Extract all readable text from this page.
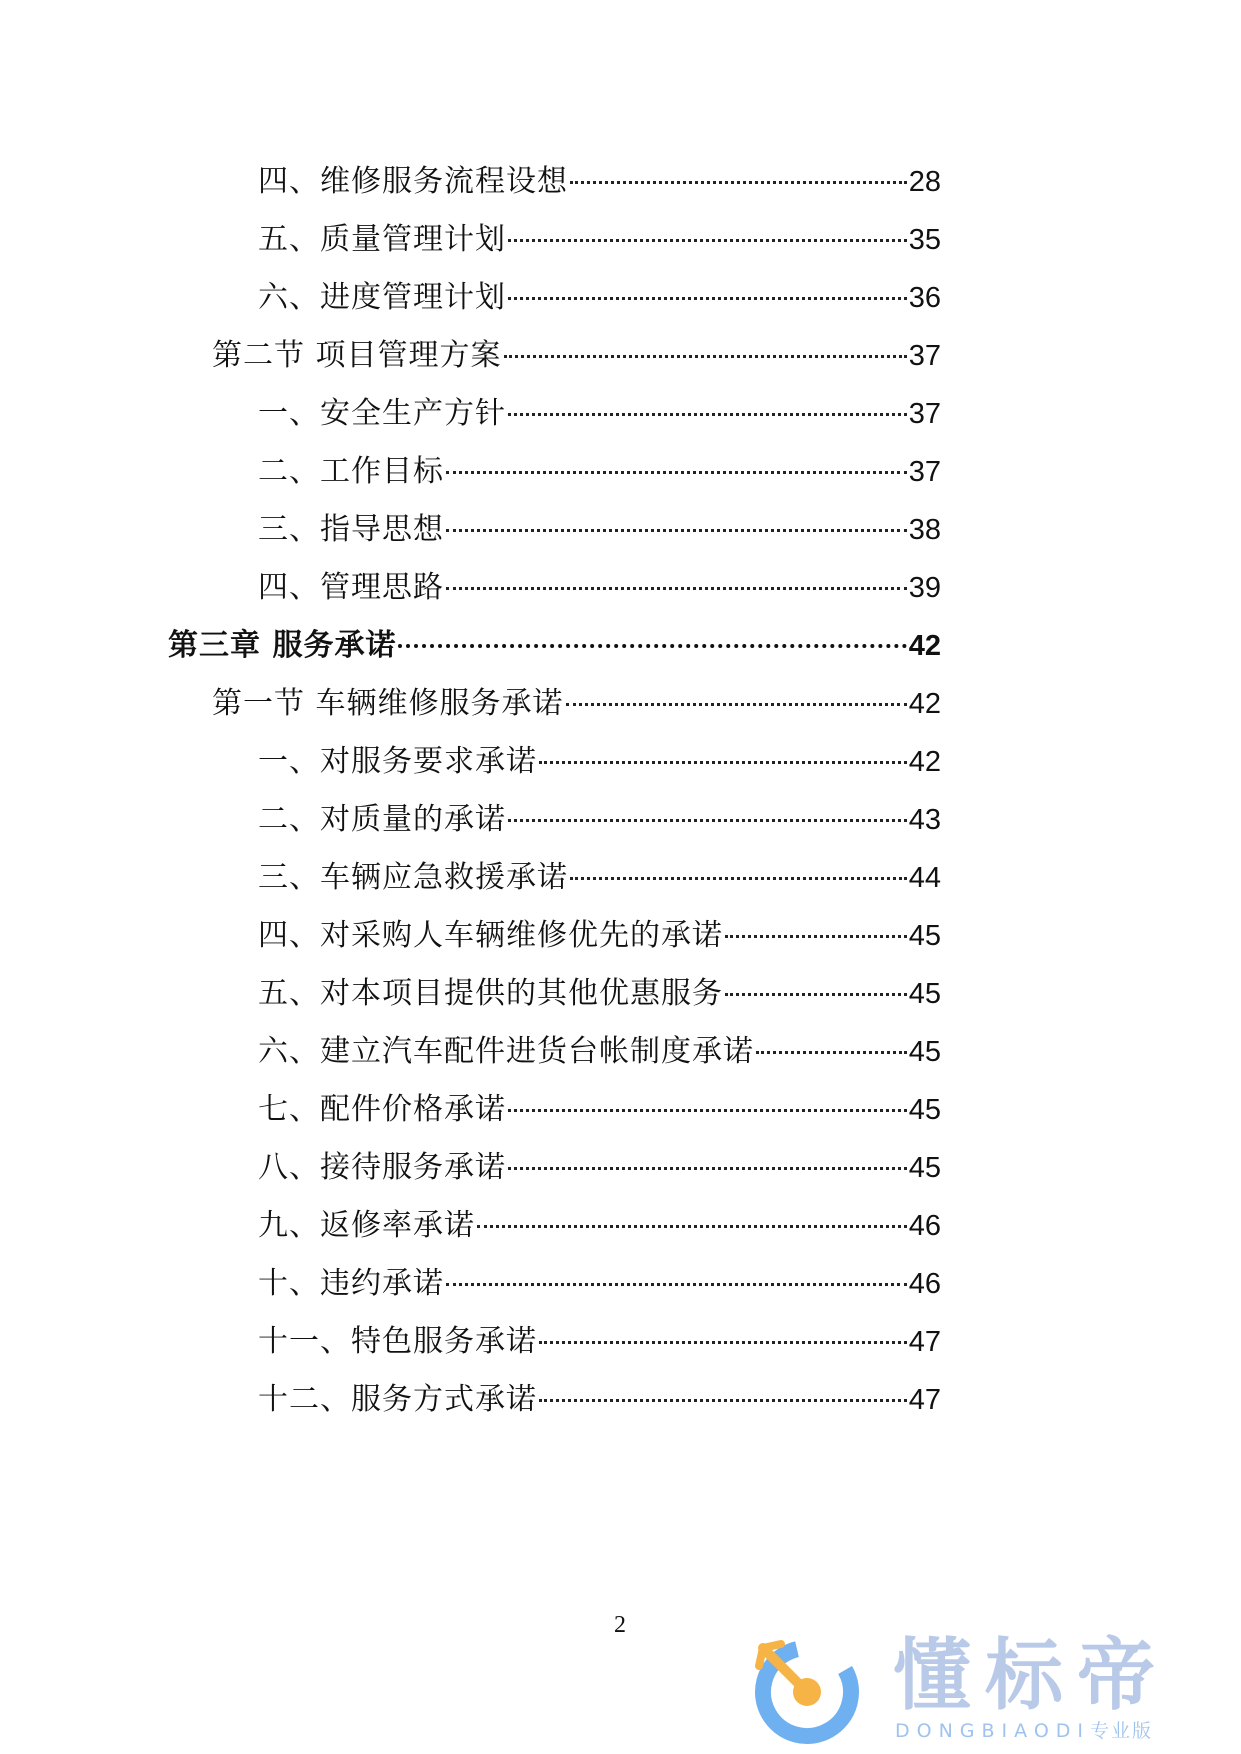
四、维修服务流程设想	28
五、质量管理计划	35
六、进度管理计划	36
第二节 项目管理方案	37
一、安全生产方针	37
二、工作目标	37
三、指导思想	38
四、管理思路	39
第三章 服务承诺	42
第一节 车辆维修服务承诺	42
一、对服务要求承诺	42
二、对质量的承诺	43
三、车辆应急救援承诺	44
四、对采购人车辆维修优先的承诺	45
五、对本项目提供的其他优惠服务	45
六、建立汽车配件进货台帐制度承诺	45
七、配件价格承诺	45
八、接待服务承诺	45
九、返修率承诺	46
十、违约承诺	46
十一、特色服务承诺	47
十二、服务方式承诺	47
2
懂标帝
DONGBIAODI专业版
